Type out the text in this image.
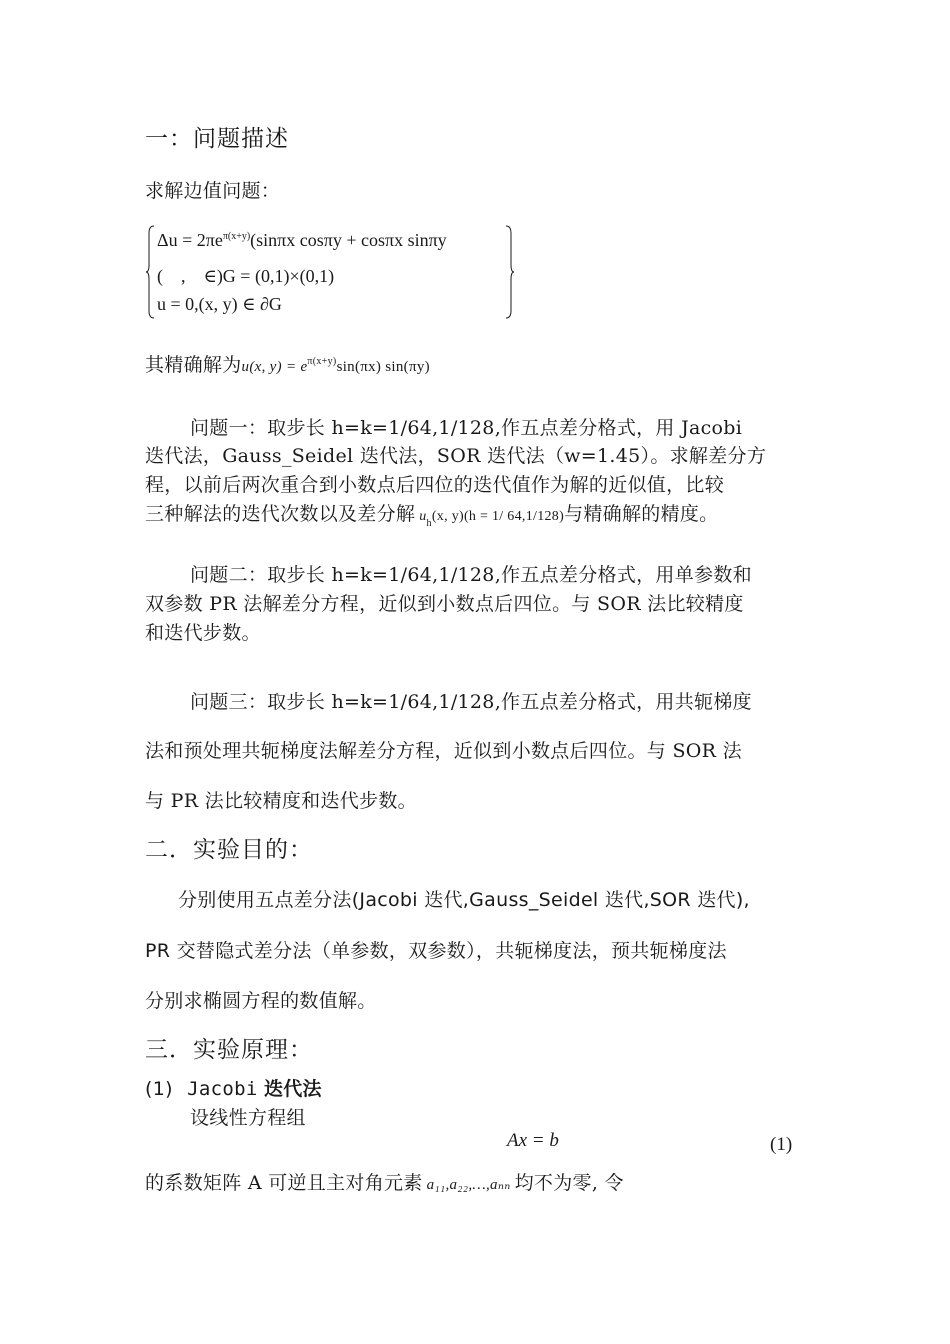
一：问题描述
求解边值问题：
$\Delta u = 2\pi e^{\pi(x+y)}(\sin\pi x$ cosπy + cosπx sinπy
(　,　∈)G = (0,1)×(0,1)
u = 0,(x, y) ∈ ∂G
其精确解为u(x, $y) = e^{\pi(x+y)}\sin(\pi x)$ sin(πy)
问题一：取步长 h=k=1/64,1/128,作五点差分格式，用 Jacobi
迭代法，Gauss_Seidel 迭代法，SOR 迭代法（w=1.45）。求解差分方
程，以前后两次重合到小数点后四位的迭代值作为解的近似值，比较
三种解法的迭代次数以及差分解 $u_h(x$, y)(h = 1/ 64,1/128)与精确解的精度。
问题二：取步长 h=k=1/64,1/128,作五点差分格式，用单参数和
双参数 PR 法解差分方程，近似到小数点后四位。与 SOR 法比较精度
和迭代步数。
问题三：取步长 h=k=1/64,1/128,作五点差分格式，用共轭梯度
法和预处理共轭梯度法解差分方程，近似到小数点后四位。与 SOR 法
与 PR 法比较精度和迭代步数。
二．实验目的：
分别使用五点差分法(Jacobi 迭代,Gauss_Seidel 迭代,SOR 迭代),
PR 交替隐式差分法（单参数，双参数），共轭梯度法，预共轭梯度法
分别求椭圆方程的数值解。
三．实验原理：
(1) Jacobi 迭代法
设线性方程组
Ax = b	(1)
的系数矩阵 A 可逆且主对角元素 a₁₁,a₂₂,…,aₙₙ 均不为零, 令
